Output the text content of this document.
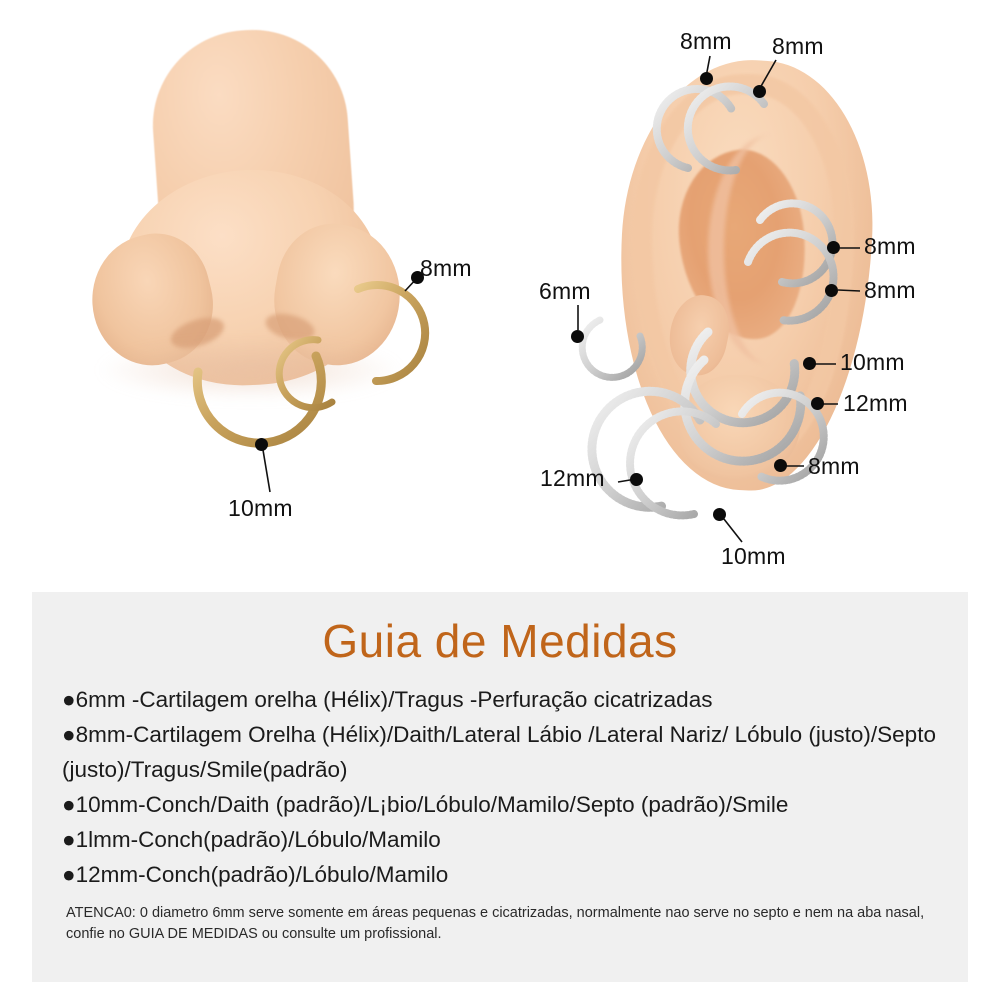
8mm
10mm
8mm 8mm
8mm
8mm
6mm
10mm
12mm
8mm
12mm
10mm
Guia de Medidas
●6mm -Cartilagem orelha (Hélix)/Tragus -Perfuração cicatrizadas
●8mm-Cartilagem Orelha (Hélix)/Daith/Lateral Lábio /Lateral Nariz/ Lóbulo (justo)/Septo (justo)/Tragus/Smile(padrão)
●10mm-Conch/Daith (padrão)/L¡bio/Lóbulo/Mamilo/Septo (padrão)/Smile
●1lmm-Conch(padrão)/Lóbulo/Mamilo
●12mm-Conch(padrão)/Lóbulo/Mamilo
ATENCA0: 0 diametro 6mm serve somente em áreas pequenas e cicatrizadas, normalmente nao serve no septo e nem na aba nasal, confie no GUIA DE MEDIDAS ou consulte um profissional.
